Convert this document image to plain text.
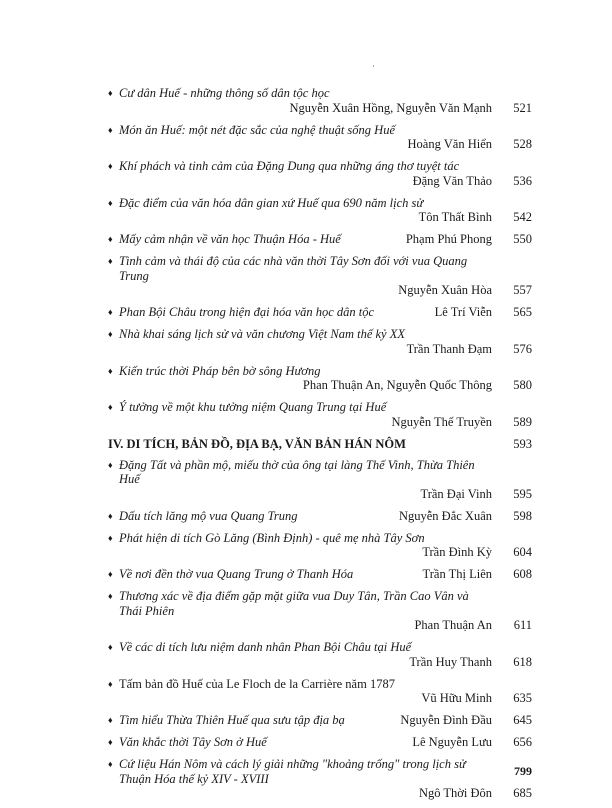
·
♦ Cư dân Huế - những thông số dân tộc học
Nguyễn Xuân Hồng, Nguyễn Văn Mạnh	521
♦ Món ăn Huế: một nét đặc sắc của nghệ thuật sống Huế
Hoàng Văn Hiển	528
♦ Khí phách và tinh cảm của Đặng Dung qua những áng thơ tuyệt tác
Đặng Văn Thảo	536
♦ Đặc điểm của văn hóa dân gian xứ Huế qua 690 năm lịch sử
Tôn Thất Bình	542
♦ Mấy cảm nhận về văn học Thuận Hóa - Huế	Phạm Phú Phong	550
♦ Tình cảm và thái độ của các nhà văn thời Tây Sơn đối với vua Quang Trung
Nguyễn Xuân Hòa	557
♦ Phan Bội Châu trong hiện đại hóa văn học dân tộc	Lê Trí Viễn	565
♦ Nhà khai sáng lịch sử và văn chương Việt Nam thế kỷ XX
Trần Thanh Đạm	576
♦ Kiến trúc thời Pháp bên bờ sông Hương
Phan Thuận An, Nguyễn Quốc Thông	580
♦ Ý tưởng về một khu tưởng niệm Quang Trung tại Huế
Nguyễn Thế Truyền	589
IV. DI TÍCH, BẢN ĐỒ, ĐỊA BẠ, VĂN BẢN HÁN NÔM	593
♦ Đặng Tất và phần mộ, miếu thờ của ông tại làng Thế Vinh, Thừa Thiên Huế
Trần Đại Vinh	595
♦ Dấu tích lăng mộ vua Quang Trung	Nguyễn Đắc Xuân	598
♦ Phát hiện di tích Gò Lăng (Bình Định) - quê mẹ nhà Tây Sơn
Trần Đình Kỳ	604
♦ Về nơi đền thờ vua Quang Trung ở Thanh Hóa	Trần Thị Liên	608
♦ Thương xác về địa điểm gặp mặt giữa vua Duy Tân, Trần Cao Vân và Thái Phiên
Phan Thuận An	611
♦ Về các di tích lưu niệm danh nhân Phan Bội Châu tại Huế
Trần Huy Thanh	618
♦ Tấm bản đồ Huế của Le Floch de la Carrière năm 1787
Vũ Hữu Minh	635
♦ Tìm hiểu Thừa Thiên Huế qua sưu tập địa bạ	Nguyễn Đình Đầu	645
♦ Văn khắc thời Tây Sơn ở Huế	Lê Nguyễn Lưu	656
♦ Cứ liệu Hán Nôm và cách lý giải những "khoảng trống" trong lịch sử Thuận Hóa thế kỷ XIV - XVIII
Ngô Thời Đôn	685
799
